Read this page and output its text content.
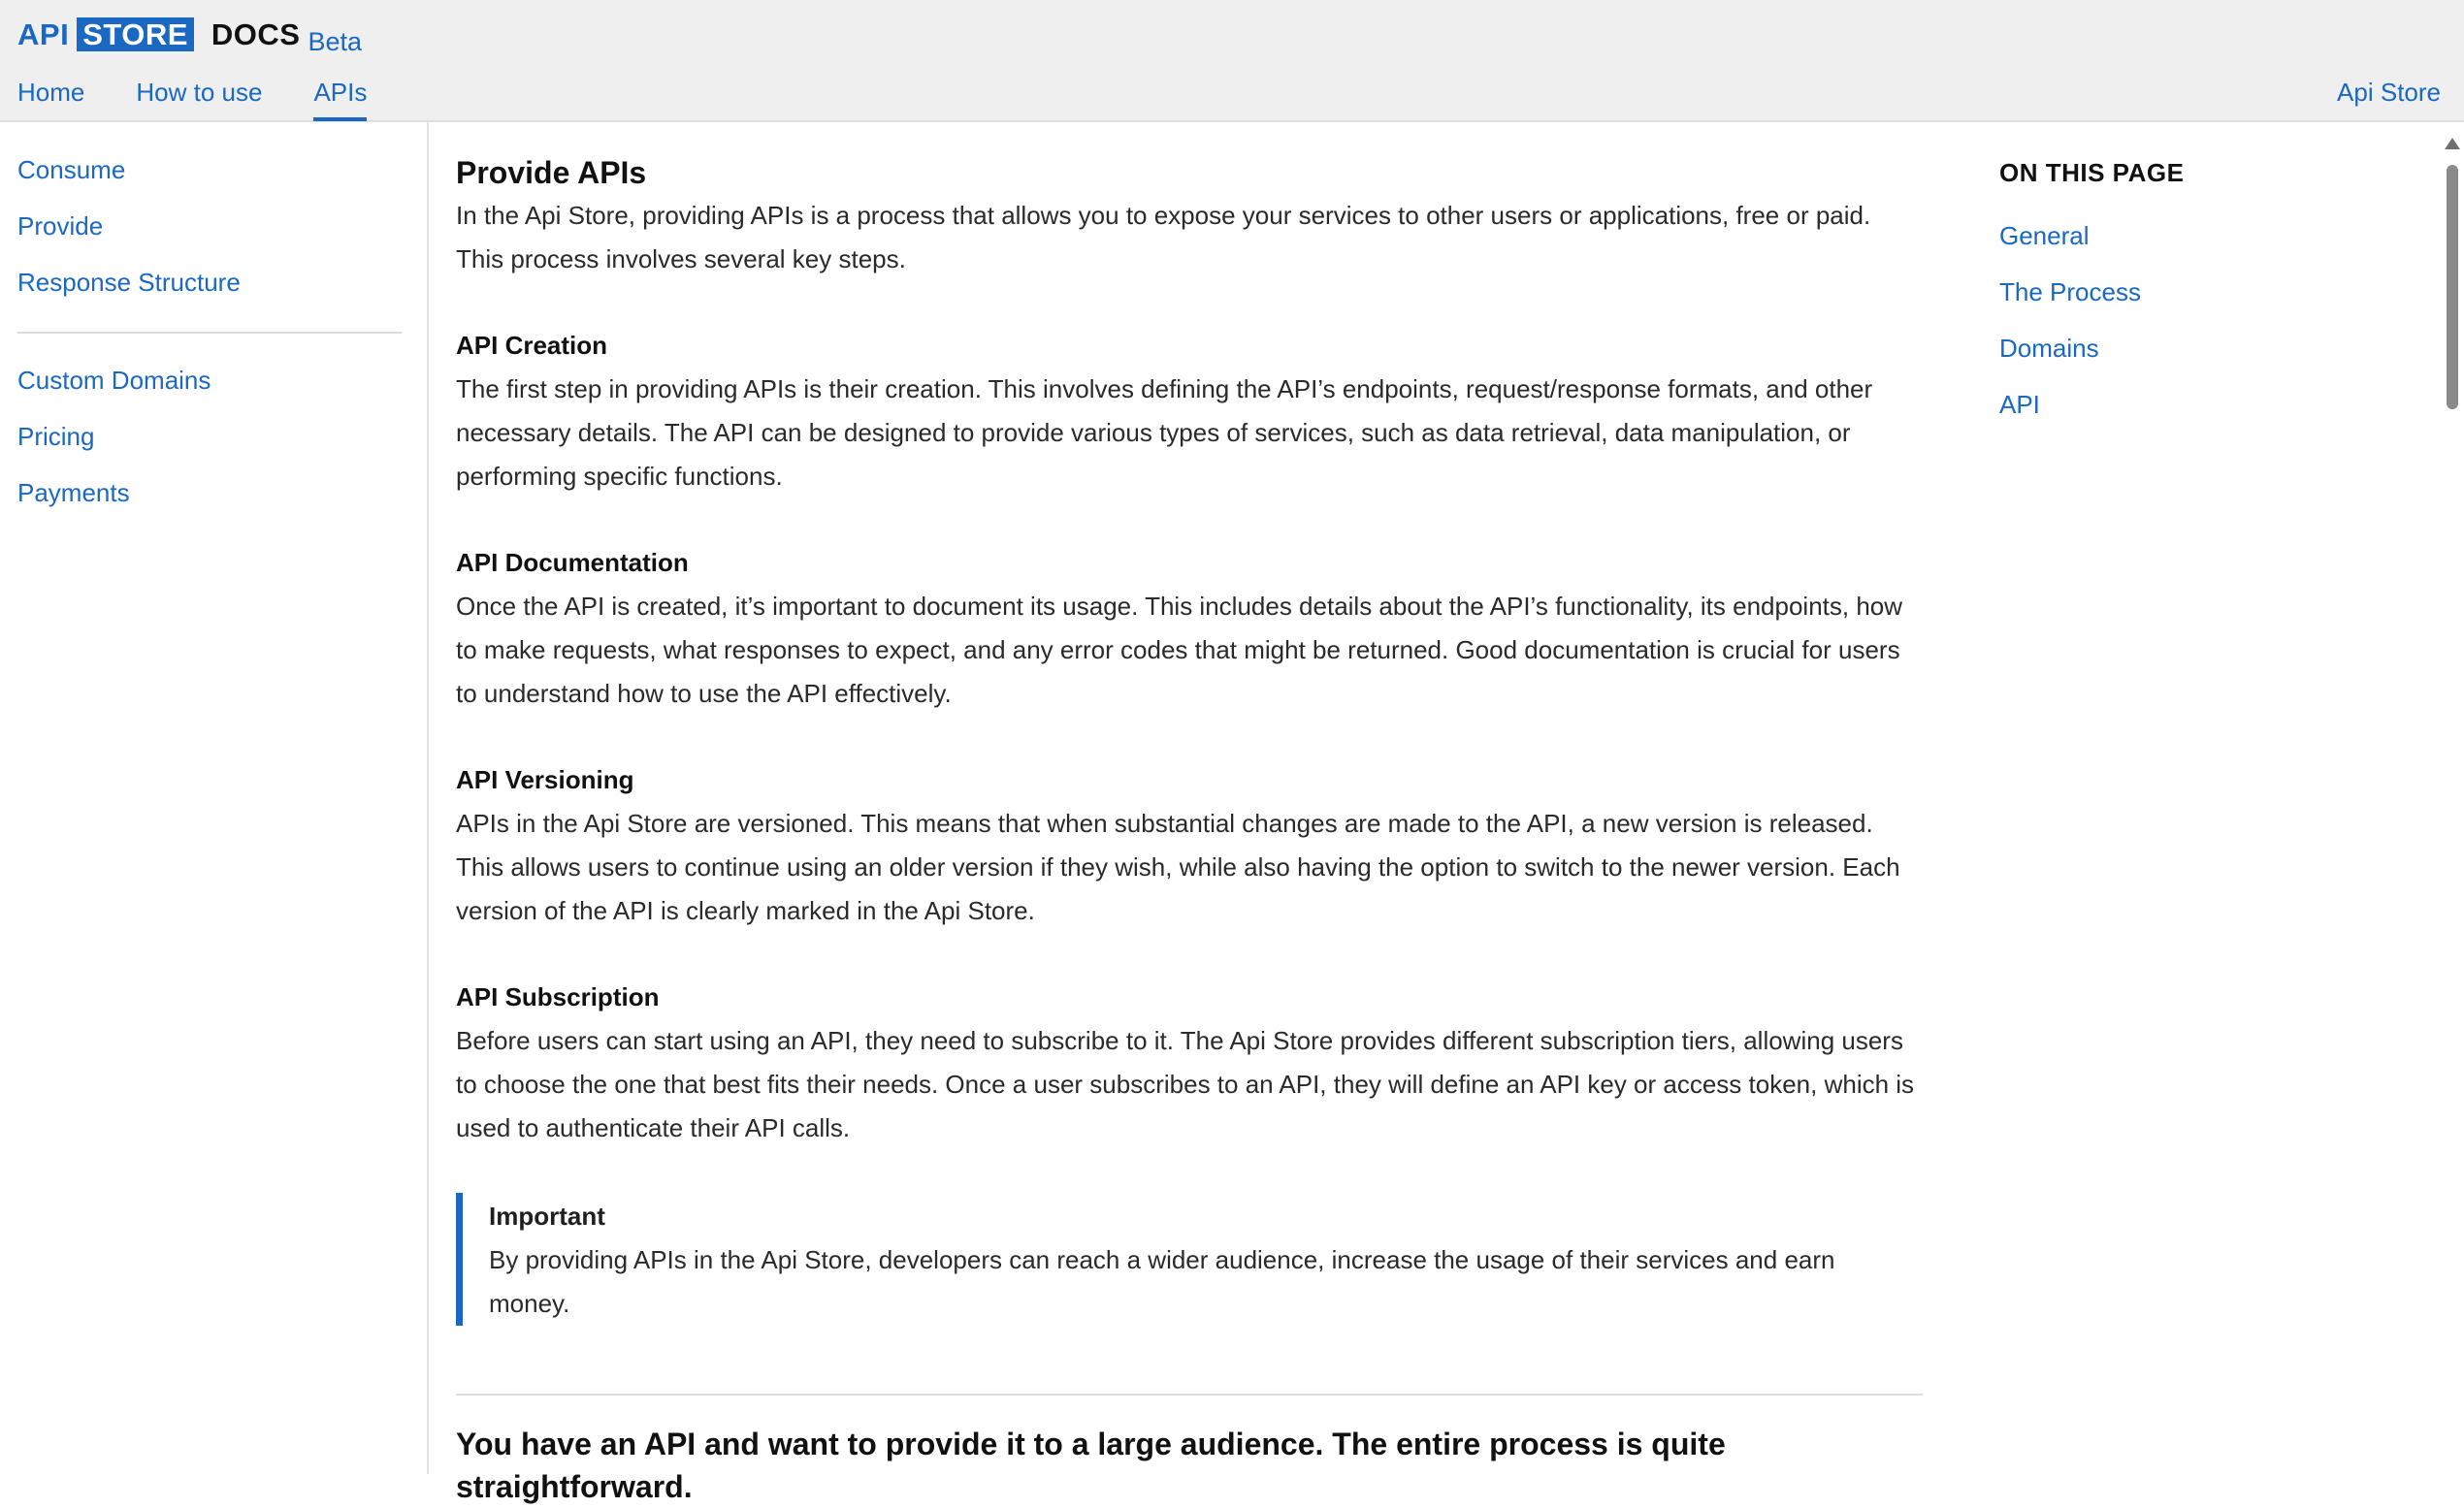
API STORE DOCS Beta
Home How to use APIs	Api Store
Consume
Provide
Response Structure
Custom Domains
Pricing
Payments
Provide APIs

In the Api Store, providing APIs is a process that allows you to expose your services to other users or applications, free or paid. This process involves several key steps.

API Creation

The first step in providing APIs is their creation. This involves defining the API’s endpoints, request/response formats, and other necessary details. The API can be designed to provide various types of services, such as data retrieval, data manipulation, or performing specific functions.

API Documentation

Once the API is created, it’s important to document its usage. This includes details about the API’s functionality, its endpoints, how to make requests, what responses to expect, and any error codes that might be returned. Good documentation is crucial for users to understand how to use the API effectively.

API Versioning

APIs in the Api Store are versioned. This means that when substantial changes are made to the API, a new version is released. This allows users to continue using an older version if they wish, while also having the option to switch to the newer version. Each version of the API is clearly marked in the Api Store.

API Subscription

Before users can start using an API, they need to subscribe to it. The Api Store provides different subscription tiers, allowing users to choose the one that best fits their needs. Once a user subscribes to an API, they will define an API key or access token, which is used to authenticate their API calls.

Important

By providing APIs in the Api Store, developers can reach a wider audience, increase the usage of their services and earn money.

You have an API and want to provide it to a large audience. The entire process is quite straightforward.
ON THIS PAGE
General
The Process
Domains
API
